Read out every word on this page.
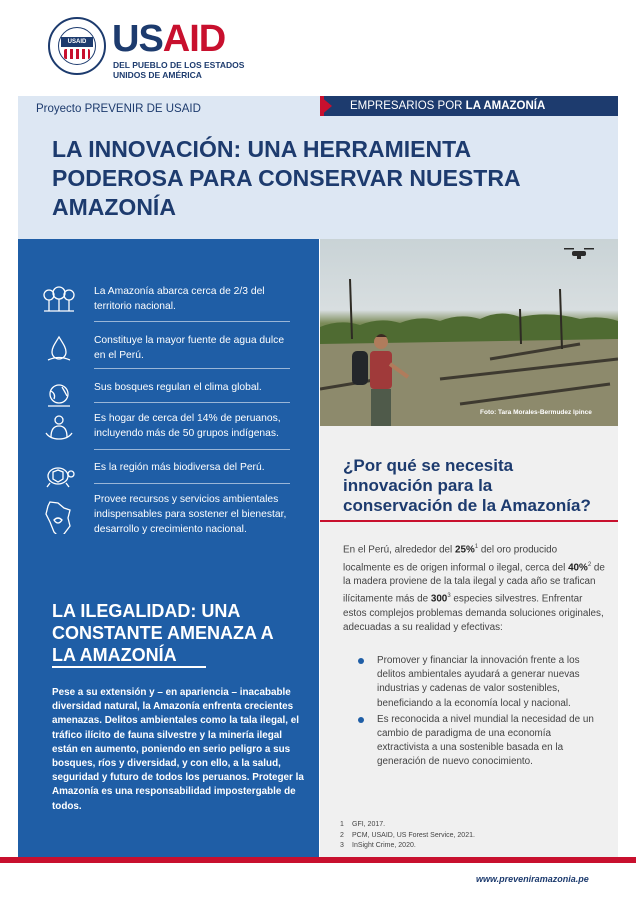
USAID USAID
DEL PUEBLO DE LOS ESTADOS
UNIDOS DE AMÉRICA
Proyecto PREVENIR DE USAID	EMPRESARIOS POR LA AMAZONÍA
LA INNOVACIÓN: UNA HERRAMIENTA PODEROSA PARA CONSERVAR NUESTRA AMAZONÍA
La Amazonía abarca cerca de 2/3 del territorio nacional.
Constituye la mayor fuente de agua dulce en el Perú.
Sus bosques regulan el clima global.
Es hogar de cerca del 14% de peruanos, incluyendo más de 50 grupos indígenas.
Es la región más biodiversa del Perú.
Provee recursos y servicios ambientales indispensables para sostener el bienestar, desarrollo y crecimiento nacional.
LA ILEGALIDAD: UNA CONSTANTE AMENAZA A LA AMAZONÍA
Pese a su extensión y – en apariencia – inacabable diversidad natural, la Amazonía enfrenta crecientes amenazas. Delitos ambientales como la tala ilegal, el tráfico ilícito de fauna silvestre y la minería ilegal están en aumento, poniendo en serio peligro a sus bosques, ríos y diversidad, y con ello, a la salud, seguridad y futuro de todos los peruanos. Proteger la Amazonía es una responsabilidad impostergable de todos.
Foto: Tara Morales-Bermudez Ipince
¿Por qué se necesita innovación para la conservación de la Amazonía?
En el Perú, alrededor del 25%$^1$ del oro producido localmente es de origen informal o ilegal, cerca del 40%$^2$ de la madera proviene de la tala ilegal y cada año se trafican ilícitamente más de $300^3$ especies silvestres. Enfrentar estos complejos problemas demanda soluciones originales, adecuadas a su realidad y efectivas:
Promover y financiar la innovación frente a los delitos ambientales ayudará a generar nuevas industrias y cadenas de valor sostenibles, beneficiando a la economía local y nacional.
Es reconocida a nivel mundial la necesidad de un cambio de paradigma de una economía extractivista a una sostenible basada en la generación de nuevo conocimiento.
1 GFI, 2017.
2 PCM, USAID, US Forest Service, 2021.
3 InSight Crime, 2020.
www.preveniramazonia.pe
